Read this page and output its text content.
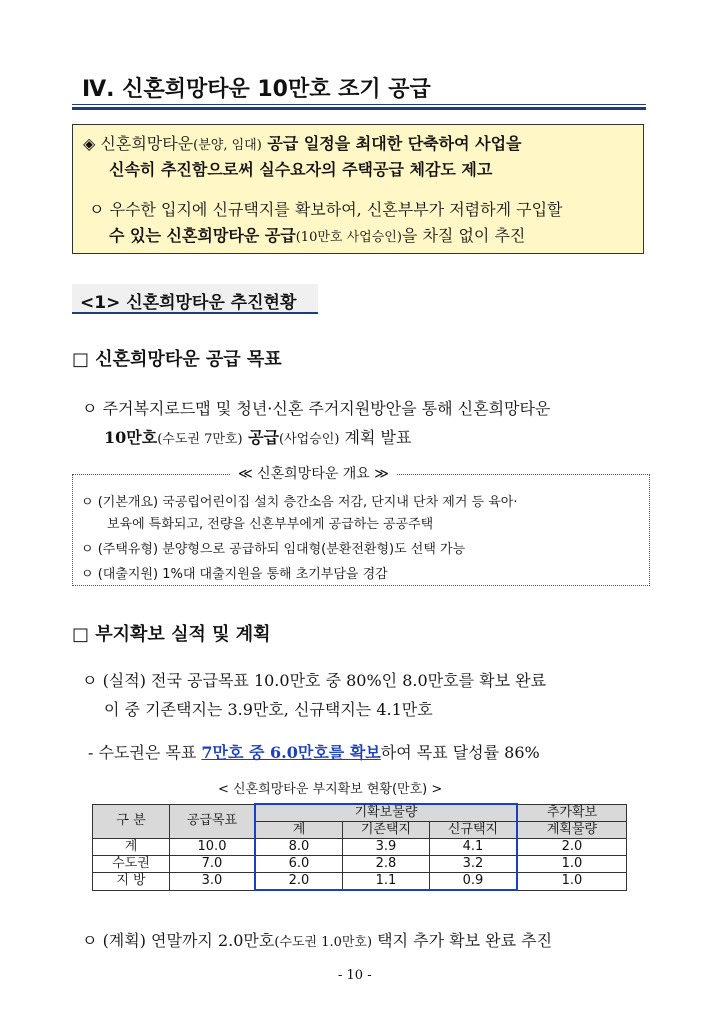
Ⅳ. 신혼희망타운 10만호 조기 공급
◈ 신혼희망타운(분양, 임대) 공급 일정을 최대한 단축하여 사업을
신속히 추진함으로써 실수요자의 주택공급 체감도 제고
ㅇ 우수한 입지에 신규택지를 확보하여, 신혼부부가 저렴하게 구입할
수 있는 신혼희망타운 공급(10만호 사업승인)을 차질 없이 추진
<1> 신혼희망타운 추진현황
□ 신혼희망타운 공급 목표
ㅇ 주거복지로드맵 및 청년·신혼 주거지원방안을 통해 신혼희망타운
10만호(수도권 7만호) 공급(사업승인) 계획 발표
ㅇ (기본개요) 국공립어린이집 설치 층간소음 저감, 단지내 단차 제거 등 육아·
보육에 특화되고, 전량을 신혼부부에게 공급하는 공공주택
ㅇ (주택유형) 분양형으로 공급하되 임대형(분환전환형)도 선택 가능
ㅇ (대출지원) 1%대 대출지원을 통해 초기부담을 경감
≪ 신혼희망타운 개요 ≫
□ 부지확보 실적 및 계획
ㅇ (실적) 전국 공급목표 10.0만호 중 80%인 8.0만호를 확보 완료
이 중 기존택지는 3.9만호, 신규택지는 4.1만호
- 수도권은 목표 7만호 중 6.0만호를 확보하여 목표 달성률 86%
< 신혼희망타운 부지확보 현황(만호) >
구 분	공급목표	기확보물량			추가확보
		계	기존택지	신규택지	계획물량
계	10.0	8.0	3.9	4.1	2.0
수도권	7.0	6.0	2.8	3.2	1.0
지 방	3.0	2.0	1.1	0.9	1.0
ㅇ (계획) 연말까지 2.0만호(수도권 1.0만호) 택지 추가 확보 완료 추진
- 10 -
